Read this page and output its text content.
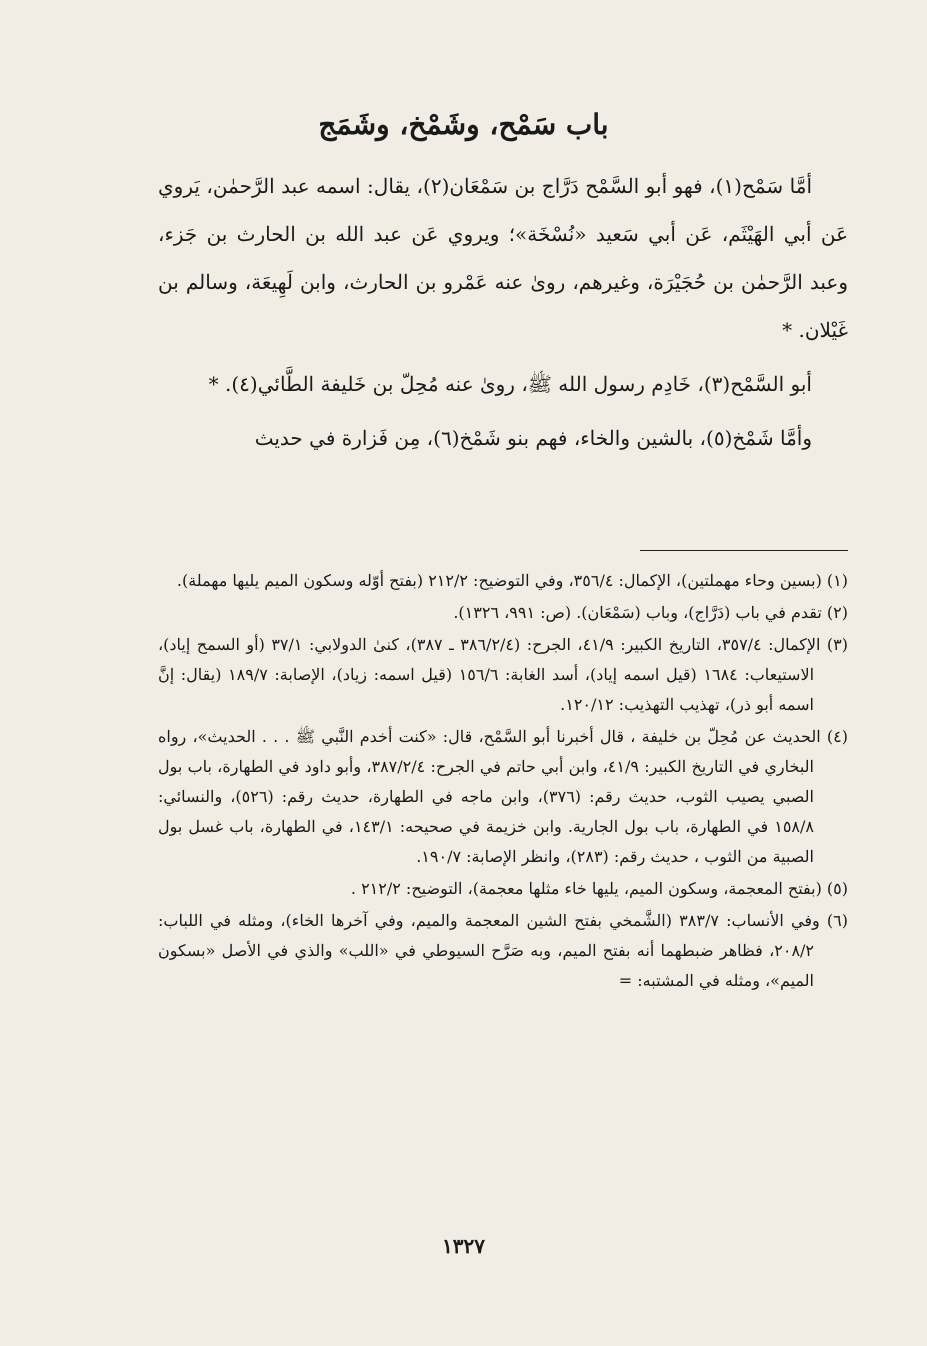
باب سَمْح، وشَمْخ، وشَمَج

أمَّا سَمْح(١)، فهو أبو السَّمْح دَرَّاج بن سَمْعَان(٢)، يقال: اسمه عبد الرَّحمٰن، يَروي عَن أبي الهَيْثَم، عَن أبي سَعيد «نُسْخَة»؛ ويروي عَن عبد الله بن الحارث بن جَزء، وعبد الرَّحمٰن بن حُجَيْرَة، وغيرهم، روىٰ عنه عَمْرو بن الحارث، وابن لَهِيعَة، وسالم بن غَيْلان. *

أبو السَّمْح(٣)، خَادِم رسول الله ﷺ، روىٰ عنه مُحِلّ بن خَليفة الطَّائي(٤). *

وأمَّا شَمْخ(٥)، بالشين والخاء، فهم بنو شَمْخ(٦)، مِن فَزارة في حديث

(١) (بسين وحاء مهملتين)، الإكمال: ٣٥٦/٤، وفي التوضيح: ٢١٢/٢ (بفتح أوّله وسكون الميم يليها مهملة).
(٢) تقدم في باب (دَرَّاج)، وباب (سَمْعَان). (ص: ٩٩١، ١٣٢٦).
(٣) الإكمال: ٣٥٧/٤، التاريخ الكبير: ٤١/٩، الجرح: (٣٨٦/٢/٤ ـ ٣٨٧)، كنىٰ الدولابي: ٣٧/١ (أو السمح إياد)، الاستيعاب: ١٦٨٤ (قيل اسمه إياد)، أسد الغابة: ١٥٦/٦ (قيل اسمه: زياد)، الإصابة: ١٨٩/٧ (يقال: إنَّ اسمه أبو ذر)، تهذيب التهذيب: ١٢٠/١٢.
(٤) الحديث عن مُحِلّ بن خليفة ، قال أخبرنا أبو السَّمْح، قال: «كنت أخدم النَّبي ﷺ . . . الحديث»، رواه البخاري في التاريخ الكبير: ٤١/٩، وابن أبي حاتم في الجرح: ٣٨٧/٢/٤، وأبو داود في الطهارة، باب بول الصبي يصيب الثوب، حديث رقم: (٣٧٦)، وابن ماجه في الطهارة، حديث رقم: (٥٢٦)، والنسائي: ١٥٨/٨ في الطهارة، باب بول الجارية. وابن خزيمة في صحيحه: ١٤٣/١، في الطهارة، باب غسل بول الصبية من الثوب ، حديث رقم: (٢٨٣)، وانظر الإصابة: ١٩٠/٧.
(٥) (بفتح المعجمة، وسكون الميم، يليها خاء مثلها معجمة)، التوضيح: ٢١٢/٢ .
(٦) وفي الأنساب: ٣٨٣/٧ (الشَّمخي بفتح الشين المعجمة والميم، وفي آخرها الخاء)، ومثله في اللباب: ٢٠٨/٢، فظاهر ضبطهما أنه بفتح الميم، وبه صَرَّح السيوطي في «اللب» والذي في الأصل «بسكون الميم»، ومثله في المشتبه: =
١٣٢٧
